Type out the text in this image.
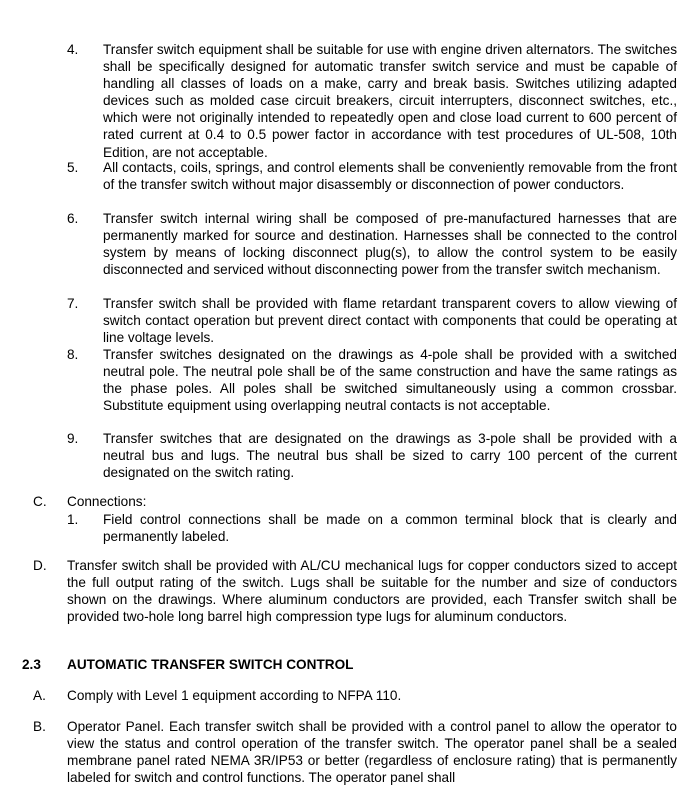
4. Transfer switch equipment shall be suitable for use with engine driven alternators. The switches shall be specifically designed for automatic transfer switch service and must be capable of handling all classes of loads on a make, carry and break basis. Switches utilizing adapted devices such as molded case circuit breakers, circuit interrupters, disconnect switches, etc., which were not originally intended to repeatedly open and close load current to 600 percent of rated current at 0.4 to 0.5 power factor in accordance with test procedures of UL-508, 10th Edition, are not acceptable.
5. All contacts, coils, springs, and control elements shall be conveniently removable from the front of the transfer switch without major disassembly or disconnection of power conductors.
6. Transfer switch internal wiring shall be composed of pre-manufactured harnesses that are permanently marked for source and destination. Harnesses shall be connected to the control system by means of locking disconnect plug(s), to allow the control system to be easily disconnected and serviced without disconnecting power from the transfer switch mechanism.
7. Transfer switch shall be provided with flame retardant transparent covers to allow viewing of switch contact operation but prevent direct contact with components that could be operating at line voltage levels.
8. Transfer switches designated on the drawings as 4-pole shall be provided with a switched neutral pole. The neutral pole shall be of the same construction and have the same ratings as the phase poles. All poles shall be switched simultaneously using a common crossbar. Substitute equipment using overlapping neutral contacts is not acceptable.
9. Transfer switches that are designated on the drawings as 3-pole shall be provided with a neutral bus and lugs. The neutral bus shall be sized to carry 100 percent of the current designated on the switch rating.
C. Connections:
1. Field control connections shall be made on a common terminal block that is clearly and permanently labeled.
D. Transfer switch shall be provided with AL/CU mechanical lugs for copper conductors sized to accept the full output rating of the switch. Lugs shall be suitable for the number and size of conductors shown on the drawings. Where aluminum conductors are provided, each Transfer switch shall be provided two-hole long barrel high compression type lugs for aluminum conductors.
2.3 AUTOMATIC TRANSFER SWITCH CONTROL
A. Comply with Level 1 equipment according to NFPA 110.
B. Operator Panel. Each transfer switch shall be provided with a control panel to allow the operator to view the status and control operation of the transfer switch. The operator panel shall be a sealed membrane panel rated NEMA 3R/IP53 or better (regardless of enclosure rating) that is permanently labeled for switch and control functions. The operator panel shall
